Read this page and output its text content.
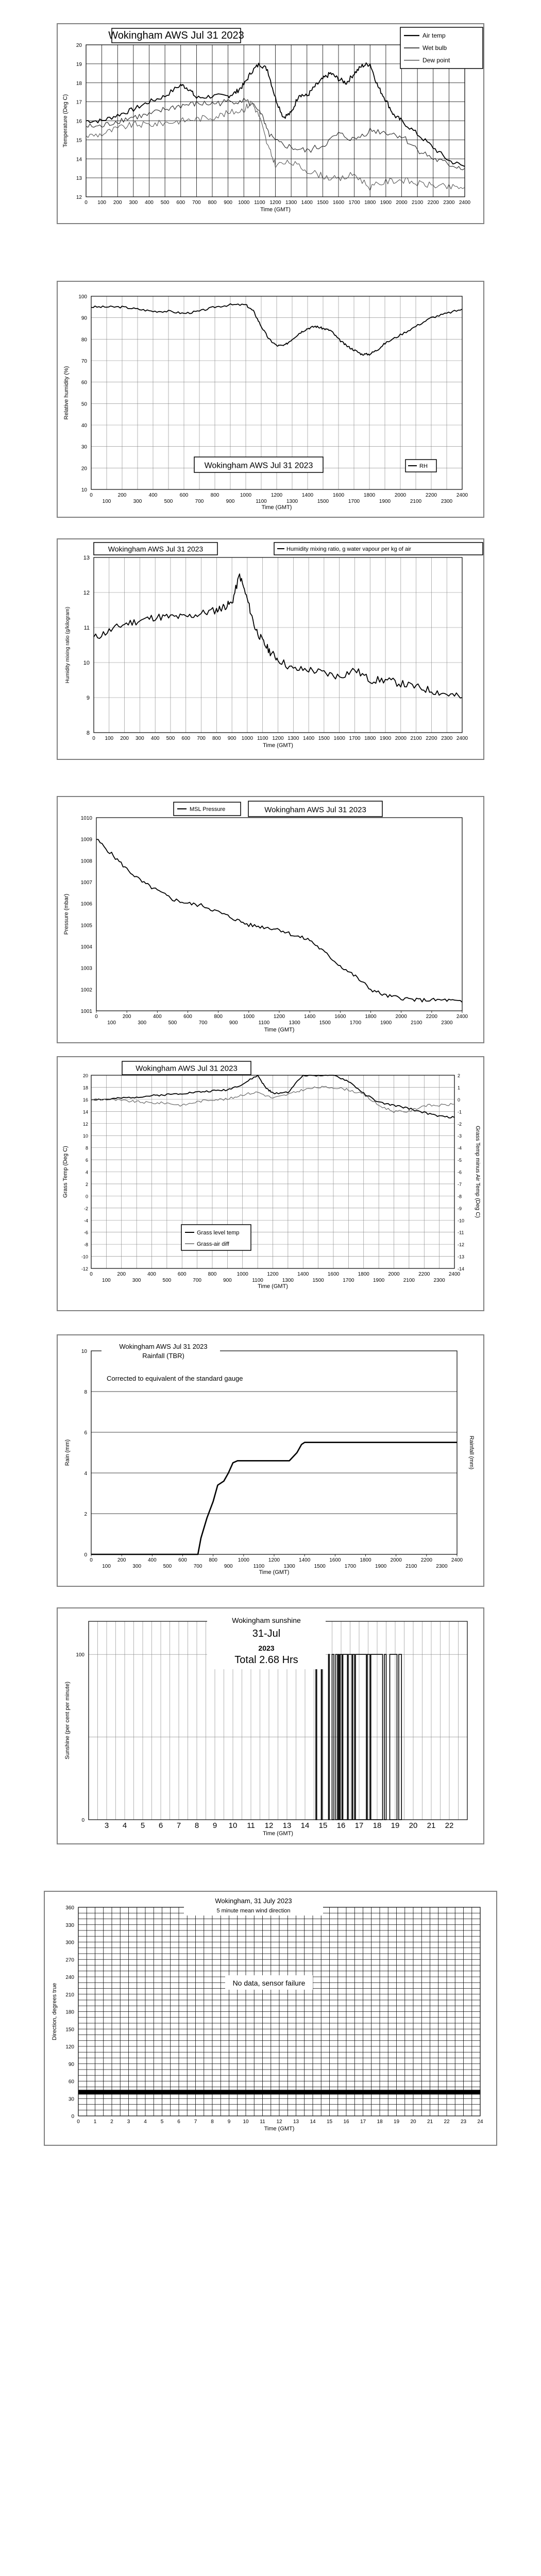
0 100 200 300 400 500 600 700 800 900 1000 1100 1200 1300 1400 1500 1600 1700 1800 1900 2000 2100 2200 2300 2400
12
13
14
15
16
17
18
19
20
Time (GMT)
Temperature (Deg C)
Wokingham AWS Jul 31 2023	Air temp
Wet bulb
Dew point
0	200	400	600	800	1000	1200	1400	1600	1800	2000	2200	2400
100	300	500	700	900	1100	1300	1500	1700	1900	2100	2300
10
20
30
40
50
60
70
80
90
100
Time (GMT)
Relative humidity (%)
Wokingham AWS Jul 31 2023	RH
0 100 200 300 400 500 600 700 800 900 1000 1100 1200 1300 1400 1500 1600 1700 1800 1900 2000 2100 2200 2300 2400
8
9
10
11
12
13
Time (GMT)
Humidity mixing ratio (g/kilogram)
Wokingham AWS Jul 31 2023	Humidity mixing ratio, g water vapour per kg of air
0	200	400	600	800	1000	1200	1400	1600	1800	2000	2200	2400
100	300	500	700	900	1100	1300	1500	1700	1900	2100	2300
1001
1002
1003
1004
1005
1006
1007
1008
1009
1010
Time (GMT)
Pressure (mbar)
MSL Pressure	Wokingham AWS Jul 31 2023
0	200	400	600	800	1000	1200	1400	1600	1800	2000	2200	2400
100	300	500	700	900	1100	1300	1500	1700	1900	2100	2300
-12
-10
-8
-6
-4
-2
0
2
4
6
8
10
12
14
16
18
20
-14
-13
-12
-11
-10
-9
-8
-7
-6
-5
-4
-3
-2
-1
0
1
2
Time (GMT)
Grass Temp (Deg C)	Grass Temp minus Air Temp (Deg C)
Wokingham AWS Jul 31 2023
Grass level temp
Grass-air diff
0	200	400	600	800	1000	1200	1400	1600	1800	2000	2200	2400
100	300	500	700	900	1100	1300	1500	1700	1900	2100	2300
0
2
4
6
8
10
Time (GMT)
Rain (mm)	Rainfall (mm)
Wokingham AWS Jul 31 2023
Rainfall (TBR)
Corrected to equivalent of the standard gauge
3 4 5 6 7 8 9 10 11 12 13 14 15 16 17 18 19 20 21 22
0
100
Time (GMT)
Sunshine (per cent per minute)
Wokingham sunshine
31-Jul
2023
Total 2.68 Hrs
0	1	2	3	4	5	6	7	8	9 10 11 12 13 14 15 16 17 18 19 20 21 22 23 24
0
30
60
90
120
150
180
210
240
270
300
330
360
Time (GMT)
Direction, degrees true
Wokingham, 31 July 2023
5 minute mean wind direction
No data, sensor failure
